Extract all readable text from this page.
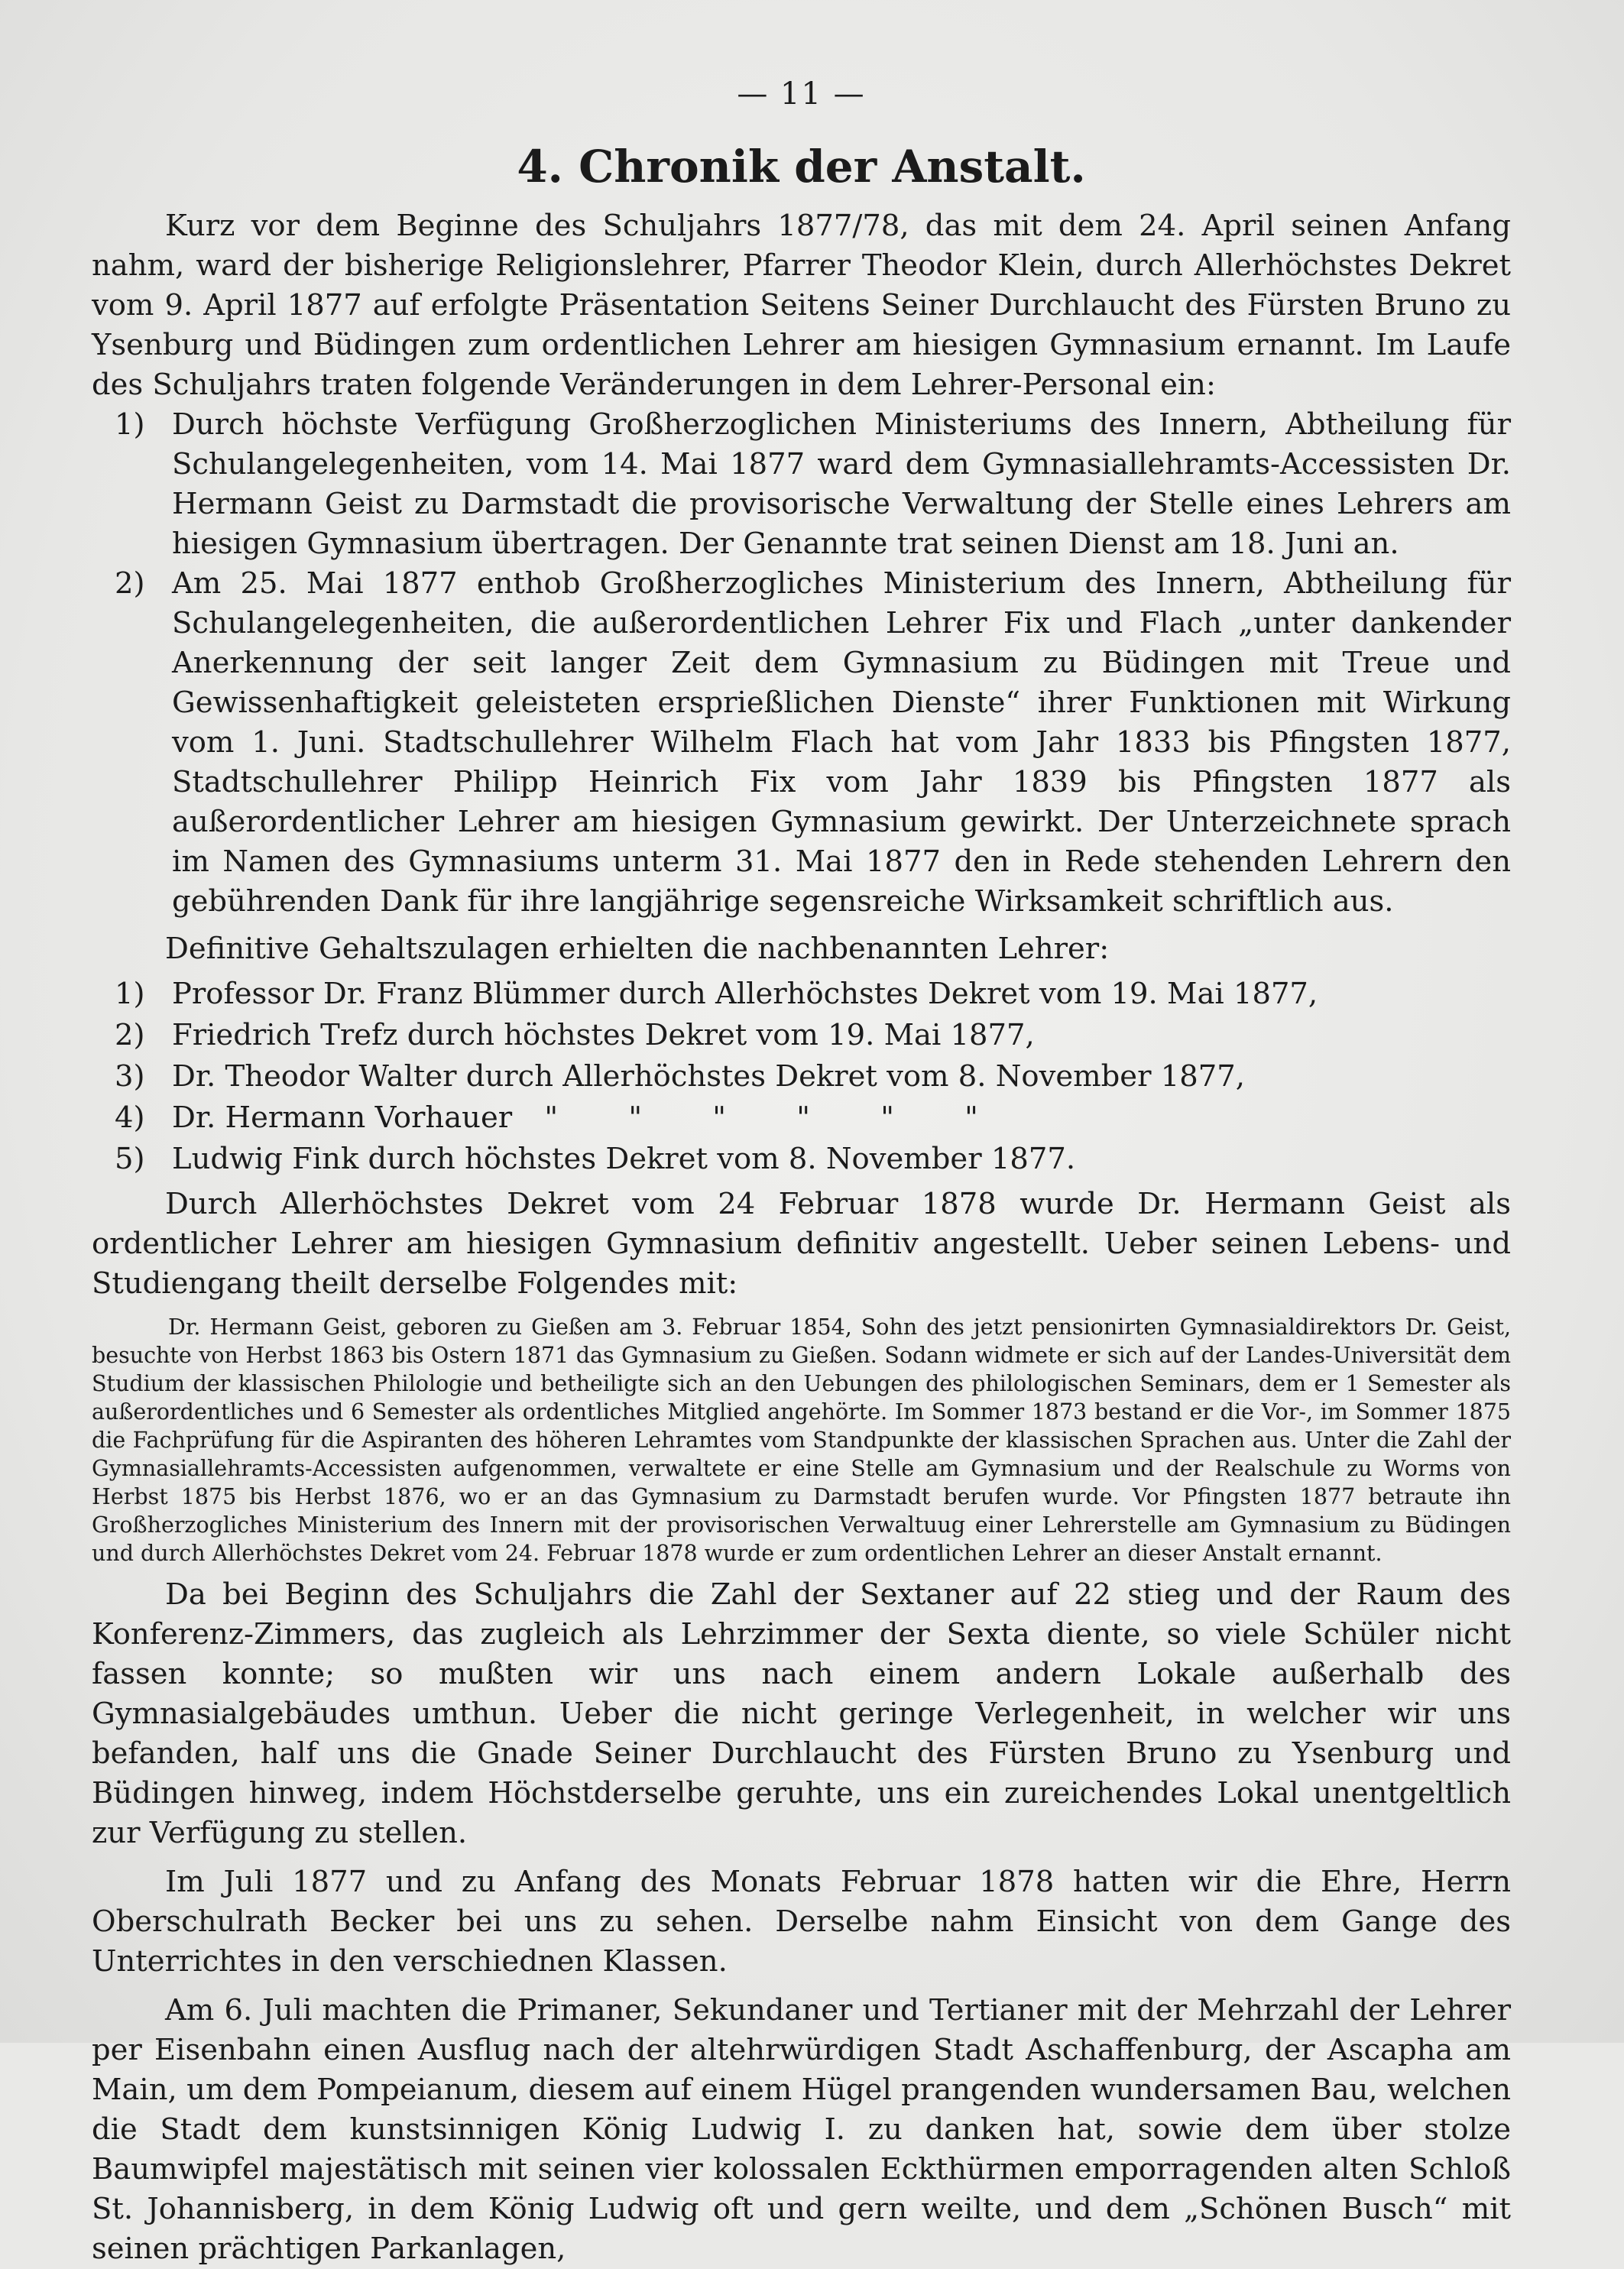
— 11 —
4. Chronik der Anstalt.

Kurz vor dem Beginne des Schuljahrs 1877/78, das mit dem 24. April seinen Anfang nahm, ward der bisherige Religionslehrer, Pfarrer Theodor Klein, durch Allerhöchstes Dekret vom 9. April 1877 auf erfolgte Präsentation Seitens Seiner Durchlaucht des Fürsten Bruno zu Ysenburg und Büdingen zum ordentlichen Lehrer am hiesigen Gymnasium ernannt. Im Laufe des Schuljahrs traten folgende Veränderungen in dem Lehrer-Personal ein:

1) Durch höchste Verfügung Großherzoglichen Ministeriums des Innern, Abtheilung für Schulangelegenheiten, vom 14. Mai 1877 ward dem Gymnasiallehramts-Accessisten Dr. Hermann Geist zu Darmstadt die provisorische Verwaltung der Stelle eines Lehrers am hiesigen Gymnasium übertragen. Der Genannte trat seinen Dienst am 18. Juni an.
2) Am 25. Mai 1877 enthob Großherzogliches Ministerium des Innern, Abtheilung für Schulangelegenheiten, die außerordentlichen Lehrer Fix und Flach „unter dankender Anerkennung der seit langer Zeit dem Gymnasium zu Büdingen mit Treue und Gewissenhaftigkeit geleisteten ersprießlichen Dienste“ ihrer Funktionen mit Wirkung vom 1. Juni. Stadtschullehrer Wilhelm Flach hat vom Jahr 1833 bis Pfingsten 1877, Stadtschullehrer Philipp Heinrich Fix vom Jahr 1839 bis Pfingsten 1877 als außerordentlicher Lehrer am hiesigen Gymnasium gewirkt. Der Unterzeichnete sprach im Namen des Gymnasiums unterm 31. Mai 1877 den in Rede stehenden Lehrern den gebührenden Dank für ihre langjährige segensreiche Wirksamkeit schriftlich aus.

Definitive Gehaltszulagen erhielten die nachbenannten Lehrer:

1) Professor Dr. Franz Blümmer durch Allerhöchstes Dekret vom 19. Mai 1877,
2) Friedrich Trefz durch höchstes Dekret vom 19. Mai 1877,
3) Dr. Theodor Walter durch Allerhöchstes Dekret vom 8. November 1877,
4) Dr. Hermann Vorhauer " " " " " "
5) Ludwig Fink durch höchstes Dekret vom 8. November 1877.

Durch Allerhöchstes Dekret vom 24 Februar 1878 wurde Dr. Hermann Geist als ordentlicher Lehrer am hiesigen Gymnasium definitiv angestellt. Ueber seinen Lebens- und Studiengang theilt derselbe Folgendes mit:

Dr. Hermann Geist, geboren zu Gießen am 3. Februar 1854, Sohn des jetzt pensionirten Gymnasialdirektors Dr. Geist, besuchte von Herbst 1863 bis Ostern 1871 das Gymnasium zu Gießen. Sodann widmete er sich auf der Landes-Universität dem Studium der klassischen Philologie und betheiligte sich an den Uebungen des philologischen Seminars, dem er 1 Semester als außerordentliches und 6 Semester als ordentliches Mitglied angehörte. Im Sommer 1873 bestand er die Vor-, im Sommer 1875 die Fachprüfung für die Aspiranten des höheren Lehramtes vom Standpunkte der klassischen Sprachen aus. Unter die Zahl der Gymnasiallehramts-Accessisten aufgenommen, verwaltete er eine Stelle am Gymnasium und der Realschule zu Worms von Herbst 1875 bis Herbst 1876, wo er an das Gymnasium zu Darmstadt berufen wurde. Vor Pfingsten 1877 betraute ihn Großherzogliches Ministerium des Innern mit der provisorischen Verwaltuug einer Lehrerstelle am Gymnasium zu Büdingen und durch Allerhöchstes Dekret vom 24. Februar 1878 wurde er zum ordentlichen Lehrer an dieser Anstalt ernannt.

Da bei Beginn des Schuljahrs die Zahl der Sextaner auf 22 stieg und der Raum des Konferenz-Zimmers, das zugleich als Lehrzimmer der Sexta diente, so viele Schüler nicht fassen konnte; so mußten wir uns nach einem andern Lokale außerhalb des Gymnasialgebäudes umthun. Ueber die nicht geringe Verlegenheit, in welcher wir uns befanden, half uns die Gnade Seiner Durchlaucht des Fürsten Bruno zu Ysenburg und Büdingen hinweg, indem Höchstderselbe geruhte, uns ein zureichendes Lokal unentgeltlich zur Verfügung zu stellen.

Im Juli 1877 und zu Anfang des Monats Februar 1878 hatten wir die Ehre, Herrn Oberschulrath Becker bei uns zu sehen. Derselbe nahm Einsicht von dem Gange des Unterrichtes in den verschiednen Klassen.

Am 6. Juli machten die Primaner, Sekundaner und Tertianer mit der Mehrzahl der Lehrer per Eisenbahn einen Ausflug nach der altehrwürdigen Stadt Aschaffenburg, der Ascapha am Main, um dem Pompeianum, diesem auf einem Hügel prangenden wundersamen Bau, welchen die Stadt dem kunstsinnigen König Ludwig I. zu danken hat, sowie dem über stolze Baumwipfel majestätisch mit seinen vier kolossalen Eckthürmen emporragenden alten Schloß St. Johannisberg, in dem König Ludwig oft und gern weilte, und dem „Schönen Busch“ mit seinen prächtigen Parkanlagen,
